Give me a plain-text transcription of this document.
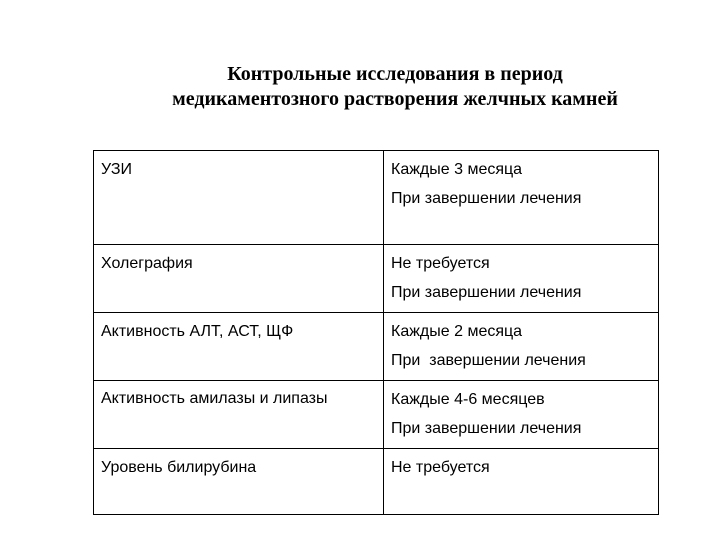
Контрольные исследования в период
медикаментозного растворения желчных камней
УЗИ	Каждые 3 месяца
При завершении лечения

Холеграфия	Не требуется
При завершении лечения

Активность АЛТ, АСТ, ЩФ	Каждые 2 месяца
При  завершении лечения

Активность амилазы и липазы	Каждые 4-6 месяцев
При завершении лечения

Уровень билирубина	Не требуется
